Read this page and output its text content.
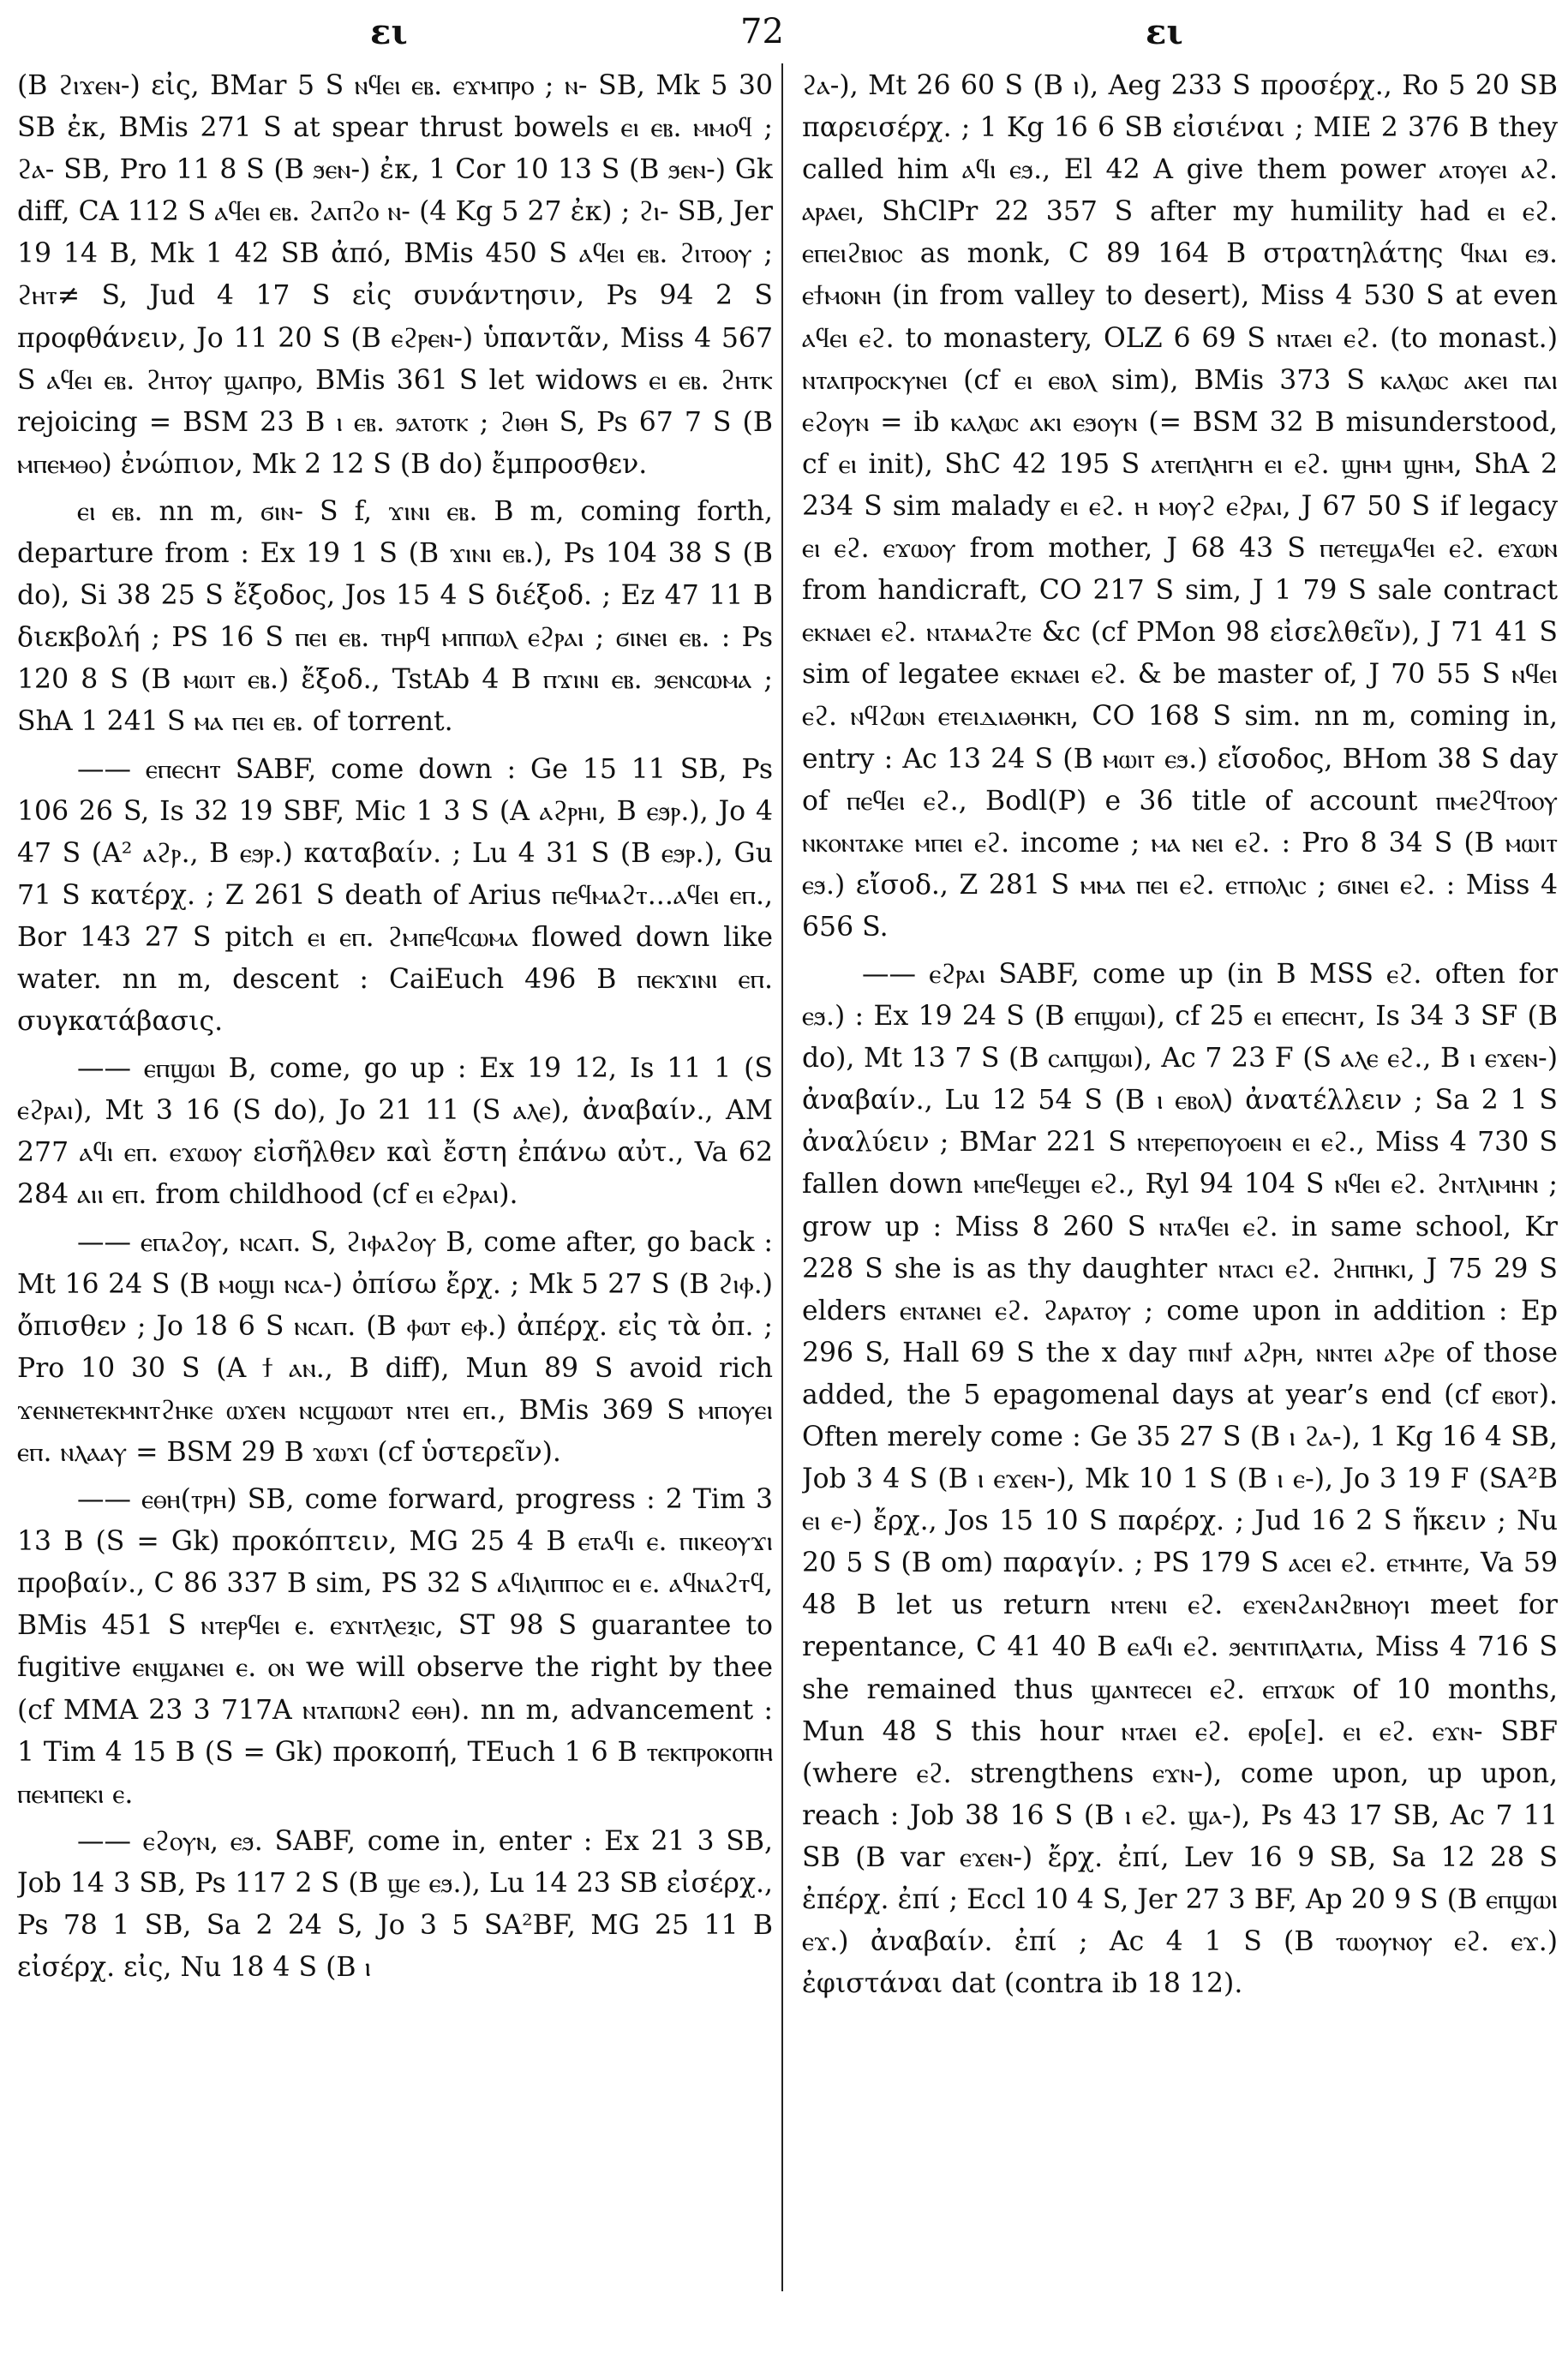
ει	72	ει

(B ϩⲓϫⲉⲛ-) εἰς, BMar 5 S ⲛϥⲉⲓ ⲉⲃ. ⲉϫⲙⲡⲣⲟ ; ⲛ- SB, Mk 5 30 SB ἐκ, BMis 271 S at spear thrust bowels ⲉⲓ ⲉⲃ. ⲙⲙⲟϥ ; ϩⲁ- SB, Pro 11 8 S (B ϧⲉⲛ-) ἐκ, 1 Cor 10 13 S (B ϧⲉⲛ-) Gk diff, CA 112 S ⲁϥⲉⲓ ⲉⲃ. ϩⲁⲡϩⲟ ⲛ- (4 Kg 5 27 ἐκ) ; ϩⲓ- SB, Jer 19 14 B, Mk 1 42 SB ἀπό, BMis 450 S ⲁϥⲉⲓ ⲉⲃ. ϩⲓⲧⲟⲟⲩ ; ϩⲏⲧ≠ S, Jud 4 17 S εἰς συνάντησιν, Ps 94 2 S προφθάνειν, Jo 11 20 S (B ⲉϩⲣⲉⲛ-) ὑπαντᾶν, Miss 4 567 S ⲁϥⲉⲓ ⲉⲃ. ϩⲏⲧⲟⲩ ϣⲁⲡⲣⲟ, BMis 361 S let widows ⲉⲓ ⲉⲃ. ϩⲏⲧⲕ rejoicing = BSM 23 B ⲓ ⲉⲃ. ϧⲁⲧⲟⲧⲕ ; ϩⲓⲑⲏ S, Ps 67 7 S (B ⲙⲡⲉⲙⲑⲟ) ἐνώπιον, Mk 2 12 S (B do) ἔμπροσθεν.

ⲉⲓ ⲉⲃ. nn m, ϭⲓⲛ- S f, ϫⲓⲛⲓ ⲉⲃ. B m, coming forth, departure from : Ex 19 1 S (B ϫⲓⲛⲓ ⲉⲃ.), Ps 104 38 S (B do), Si 38 25 S ἔξοδος, Jos 15 4 S διέξοδ. ; Ez 47 11 B διεκβολή ; PS 16 S ⲡⲉⲓ ⲉⲃ. ⲧⲏⲣϥ ⲙⲡⲡⲱⲗ ⲉϩⲣⲁⲓ ; ϭⲓⲛⲉⲓ ⲉⲃ. : Ps 120 8 S (B ⲙⲱⲓⲧ ⲉⲃ.) ἔξοδ., TstAb 4 B ⲡϫⲓⲛⲓ ⲉⲃ. ϧⲉⲛⲥⲱⲙⲁ ; ShA 1 241 S ⲙⲁ ⲡⲉⲓ ⲉⲃ. of torrent.

—— ⲉⲡⲉⲥⲏⲧ SABF, come down : Ge 15 11 SB, Ps 106 26 S, Is 32 19 SBF, Mic 1 3 S (A ⲁϩⲣⲏⲓ, B ⲉϧⲣ.), Jo 4 47 S (A² ⲁϩⲣ., B ⲉϧⲣ.) καταβαίν. ; Lu 4 31 S (B ⲉϧⲣ.), Gu 71 S κατέρχ. ; Z 261 S death of Arius ⲡⲉϥⲙⲁϩⲧ...ⲁϥⲉⲓ ⲉⲡ., Bor 143 27 S pitch ⲉⲓ ⲉⲡ. ϩⲙⲡⲉϥⲥⲱⲙⲁ flowed down like water. nn m, descent : CaiEuch 496 B ⲡⲉⲕϫⲓⲛⲓ ⲉⲡ. συγκατάβασις.

—— ⲉⲡϣⲱⲓ B, come, go up : Ex 19 12, Is 11 1 (S ⲉϩⲣⲁⲓ), Mt 3 16 (S do), Jo 21 11 (S ⲁⲗⲉ), ἀναβαίν., AM 277 ⲁϥⲓ ⲉⲡ. ⲉϫⲱⲟⲩ εἰσῆλθεν καὶ ἔστη ἐπάνω αὐτ., Va 62 284 ⲁⲓⲓ ⲉⲡ. from childhood (cf ⲉⲓ ⲉϩⲣⲁⲓ).

—— ⲉⲡⲁϩⲟⲩ, ⲛⲥⲁⲡ. S, ϩⲓⲫⲁϩⲟⲩ B, come after, go back : Mt 16 24 S (B ⲙⲟϣⲓ ⲛⲥⲁ-) ὀπίσω ἔρχ. ; Mk 5 27 S (B ϩⲓⲫ.) ὄπισθεν ; Jo 18 6 S ⲛⲥⲁⲡ. (B ⲫⲱⲧ ⲉⲫ.) ἀπέρχ. εἰς τὰ ὀπ. ; Pro 10 30 S (A ϯ ⲁⲛ., B diff), Mun 89 S avoid rich ϫⲉⲛⲛⲉⲧⲉⲕⲙⲛⲧϩⲏⲕⲉ ⲱϫⲉⲛ ⲛⲥϣⲱⲱⲧ ⲛⲧⲉⲓ ⲉⲡ., BMis 369 S ⲙⲡⲟⲩⲉⲓ ⲉⲡ. ⲛⲗⲁⲁⲩ = BSM 29 B ϫⲱϫⲓ (cf ὑστερεῖν).

—— ⲉⲑⲏ(ⲧⲣⲏ) SB, come forward, progress : 2 Tim 3 13 B (S = Gk) προκόπτειν, MG 25 4 B ⲉⲧⲁϥⲓ ⲉ. ⲡⲓⲕⲉⲟⲩϫⲓ προβαίν., C 86 337 B sim, PS 32 S ⲁϥⲓⲗⲓⲡⲡⲟⲥ ⲉⲓ ⲉ. ⲁϥⲛⲁϩⲧϥ, BMis 451 S ⲛⲧⲉⲣϥⲉⲓ ⲉ. ⲉϫⲛⲧⲗⲉⲝⲓⲥ, ST 98 S guarantee to fugitive ⲉⲛϣⲁⲛⲉⲓ ⲉ. ⲟⲛ we will observe the right by thee (cf MMA 23 3 717A ⲛⲧⲁⲡⲱⲛϩ ⲉⲑⲏ). nn m, advancement : 1 Tim 4 15 B (S = Gk) προκοπή, TEuch 1 6 B ⲧⲉⲕⲡⲣⲟⲕⲟⲡⲏ ⲡⲉⲙⲡⲉⲕⲓ ⲉ.

—— ⲉϩⲟⲩⲛ, ⲉϧ. SABF, come in, enter : Ex 21 3 SB, Job 14 3 SB, Ps 117 2 S (B ϣⲉ ⲉϧ.), Lu 14 23 SB εἰσέρχ., Ps 78 1 SB, Sa 2 24 S, Jo 3 5 SA²BF, MG 25 11 B εἰσέρχ. εἰς, Nu 18 4 S (B ⲓ

ϩⲁ-), Mt 26 60 S (B ⲓ), Aeg 233 S προσέρχ., Ro 5 20 SB παρεισέρχ. ; 1 Kg 16 6 SB εἰσιέναι ; MIE 2 376 B they called him ⲁϥⲓ ⲉϧ., El 42 A give them power ⲁⲧⲟⲩⲉⲓ ⲁϩ. ⲁⲣⲁⲉⲓ, ShClPr 22 357 S after my humility had ⲉⲓ ⲉϩ. ⲉⲡⲉⲓϩⲃⲓⲟⲥ as monk, C 89 164 B στρατηλάτης ϥⲛⲁⲓ ⲉϧ. ⲉϯⲙⲟⲛⲏ (in from valley to desert), Miss 4 530 S at even ⲁϥⲉⲓ ⲉϩ. to monastery, OLZ 6 69 S ⲛⲧⲁⲉⲓ ⲉϩ. (to monast.) ⲛⲧⲁⲡⲣⲟⲥⲕⲩⲛⲉⲓ (cf ⲉⲓ ⲉⲃⲟⲗ sim), BMis 373 S ⲕⲁⲗⲱⲥ ⲁⲕⲉⲓ ⲡⲁⲓ ⲉϩⲟⲩⲛ = ib ⲕⲁⲗⲱⲥ ⲁⲕⲓ ⲉϧⲟⲩⲛ (= BSM 32 B misunderstood, cf ⲉⲓ init), ShC 42 195 S ⲁⲧⲉⲡⲗⲏⲅⲏ ⲉⲓ ⲉϩ. ϣⲏⲙ ϣⲏⲙ, ShA 2 234 S sim malady ⲉⲓ ⲉϩ. ⲏ ⲙⲟⲩϩ ⲉϩⲣⲁⲓ, J 67 50 S if legacy ⲉⲓ ⲉϩ. ⲉϫⲱⲟⲩ from mother, J 68 43 S ⲡⲉⲧⲉϣⲁϥⲉⲓ ⲉϩ. ⲉϫⲱⲛ from handicraft, CO 217 S sim, J 1 79 S sale contract ⲉⲕⲛⲁⲉⲓ ⲉϩ. ⲛⲧⲁⲙⲁϩⲧⲉ &c (cf PMon 98 εἰσελθεῖν), J 71 41 S sim of legatee ⲉⲕⲛⲁⲉⲓ ⲉϩ. & be master of, J 70 55 S ⲛϥⲉⲓ ⲉϩ. ⲛϥϩⲱⲛ ⲉⲧⲉⲓⲇⲓⲁⲑⲏⲕⲏ, CO 168 S sim. nn m, coming in, entry : Ac 13 24 S (B ⲙⲱⲓⲧ ⲉϧ.) εἴσοδος, BHom 38 S day of ⲡⲉϥⲉⲓ ⲉϩ., Bodl(P) e 36 title of account ⲡⲙⲉϩϥⲧⲟⲟⲩ ⲛⲕⲟⲛⲧⲁⲕⲉ ⲙⲡⲉⲓ ⲉϩ. income ; ⲙⲁ ⲛⲉⲓ ⲉϩ. : Pro 8 34 S (B ⲙⲱⲓⲧ ⲉϧ.) εἴσοδ., Z 281 S ⲙⲙⲁ ⲡⲉⲓ ⲉϩ. ⲉⲧⲡⲟⲗⲓⲥ ; ϭⲓⲛⲉⲓ ⲉϩ. : Miss 4 656 S.

—— ⲉϩⲣⲁⲓ SABF, come up (in B MSS ⲉϩ. often for ⲉϧ.) : Ex 19 24 S (B ⲉⲡϣⲱⲓ), cf 25 ⲉⲓ ⲉⲡⲉⲥⲏⲧ, Is 34 3 SF (B do), Mt 13 7 S (B ⲥⲁⲡϣⲱⲓ), Ac 7 23 F (S ⲁⲗⲉ ⲉϩ., B ⲓ ⲉϫⲉⲛ-) ἀναβαίν., Lu 12 54 S (B ⲓ ⲉⲃⲟⲗ) ἀνατέλλειν ; Sa 2 1 S ἀναλύειν ; BMar 221 S ⲛⲧⲉⲣⲉⲡⲟⲩⲟⲉⲓⲛ ⲉⲓ ⲉϩ., Miss 4 730 S fallen down ⲙⲡⲉϥⲉϣⲉⲓ ⲉϩ., Ryl 94 104 S ⲛϥⲉⲓ ⲉϩ. ϩⲛⲧⲗⲓⲙⲏⲛ ; grow up : Miss 8 260 S ⲛⲧⲁϥⲉⲓ ⲉϩ. in same school, Kr 228 S she is as thy daughter ⲛⲧⲁⲥⲓ ⲉϩ. ϩⲏⲡⲏⲕⲓ, J 75 29 S elders ⲉⲛⲧⲁⲛⲉⲓ ⲉϩ. ϩⲁⲣⲁⲧⲟⲩ ; come upon in addition : Ep 296 S, Hall 69 S the x day ⲡⲓⲛϯ ⲁϩⲣⲏ, ⲛⲛⲧⲉⲓ ⲁϩⲣⲉ of those added, the 5 epagomenal days at year’s end (cf ⲉⲃⲟⲧ). Often merely come : Ge 35 27 S (B ⲓ ϩⲁ-), 1 Kg 16 4 SB, Job 3 4 S (B ⲓ ⲉϫⲉⲛ-), Mk 10 1 S (B ⲓ ⲉ-), Jo 3 19 F (SA²B ⲉⲓ ⲉ-) ἔρχ., Jos 15 10 S παρέρχ. ; Jud 16 2 S ἥκειν ; Nu 20 5 S (B om) παραγίν. ; PS 179 S ⲁⲥⲉⲓ ⲉϩ. ⲉⲧⲙⲏⲧⲉ, Va 59 48 B let us return ⲛⲧⲉⲛⲓ ⲉϩ. ⲉϫⲉⲛϩⲁⲛϩⲃⲏⲟⲩⲓ meet for repentance, C 41 40 B ⲉⲁϥⲓ ⲉϩ. ϧⲉⲛⲧⲓⲡⲗⲁⲧⲓⲁ, Miss 4 716 S she remained thus ϣⲁⲛⲧⲉⲥⲉⲓ ⲉϩ. ⲉⲡϫⲱⲕ of 10 months, Mun 48 S this hour ⲛⲧⲁⲉⲓ ⲉϩ. ⲉⲣⲟ[ⲉ]. ⲉⲓ ⲉϩ. ⲉϫⲛ- SBF (where ⲉϩ. strengthens ⲉϫⲛ-), come upon, up upon, reach : Job 38 16 S (B ⲓ ⲉϩ. ϣⲁ-), Ps 43 17 SB, Ac 7 11 SB (B var ⲉϫⲉⲛ-) ἔρχ. ἐπί, Lev 16 9 SB, Sa 12 28 S ἐπέρχ. ἐπί ; Eccl 10 4 S, Jer 27 3 BF, Ap 20 9 S (B ⲉⲡϣⲱⲓ ⲉϫ.) ἀναβαίν. ἐπί ; Ac 4 1 S (B ⲧⲱⲟⲩⲛⲟⲩ ⲉϩ. ⲉϫ.) ἐφιστάναι dat (contra ib 18 12).
